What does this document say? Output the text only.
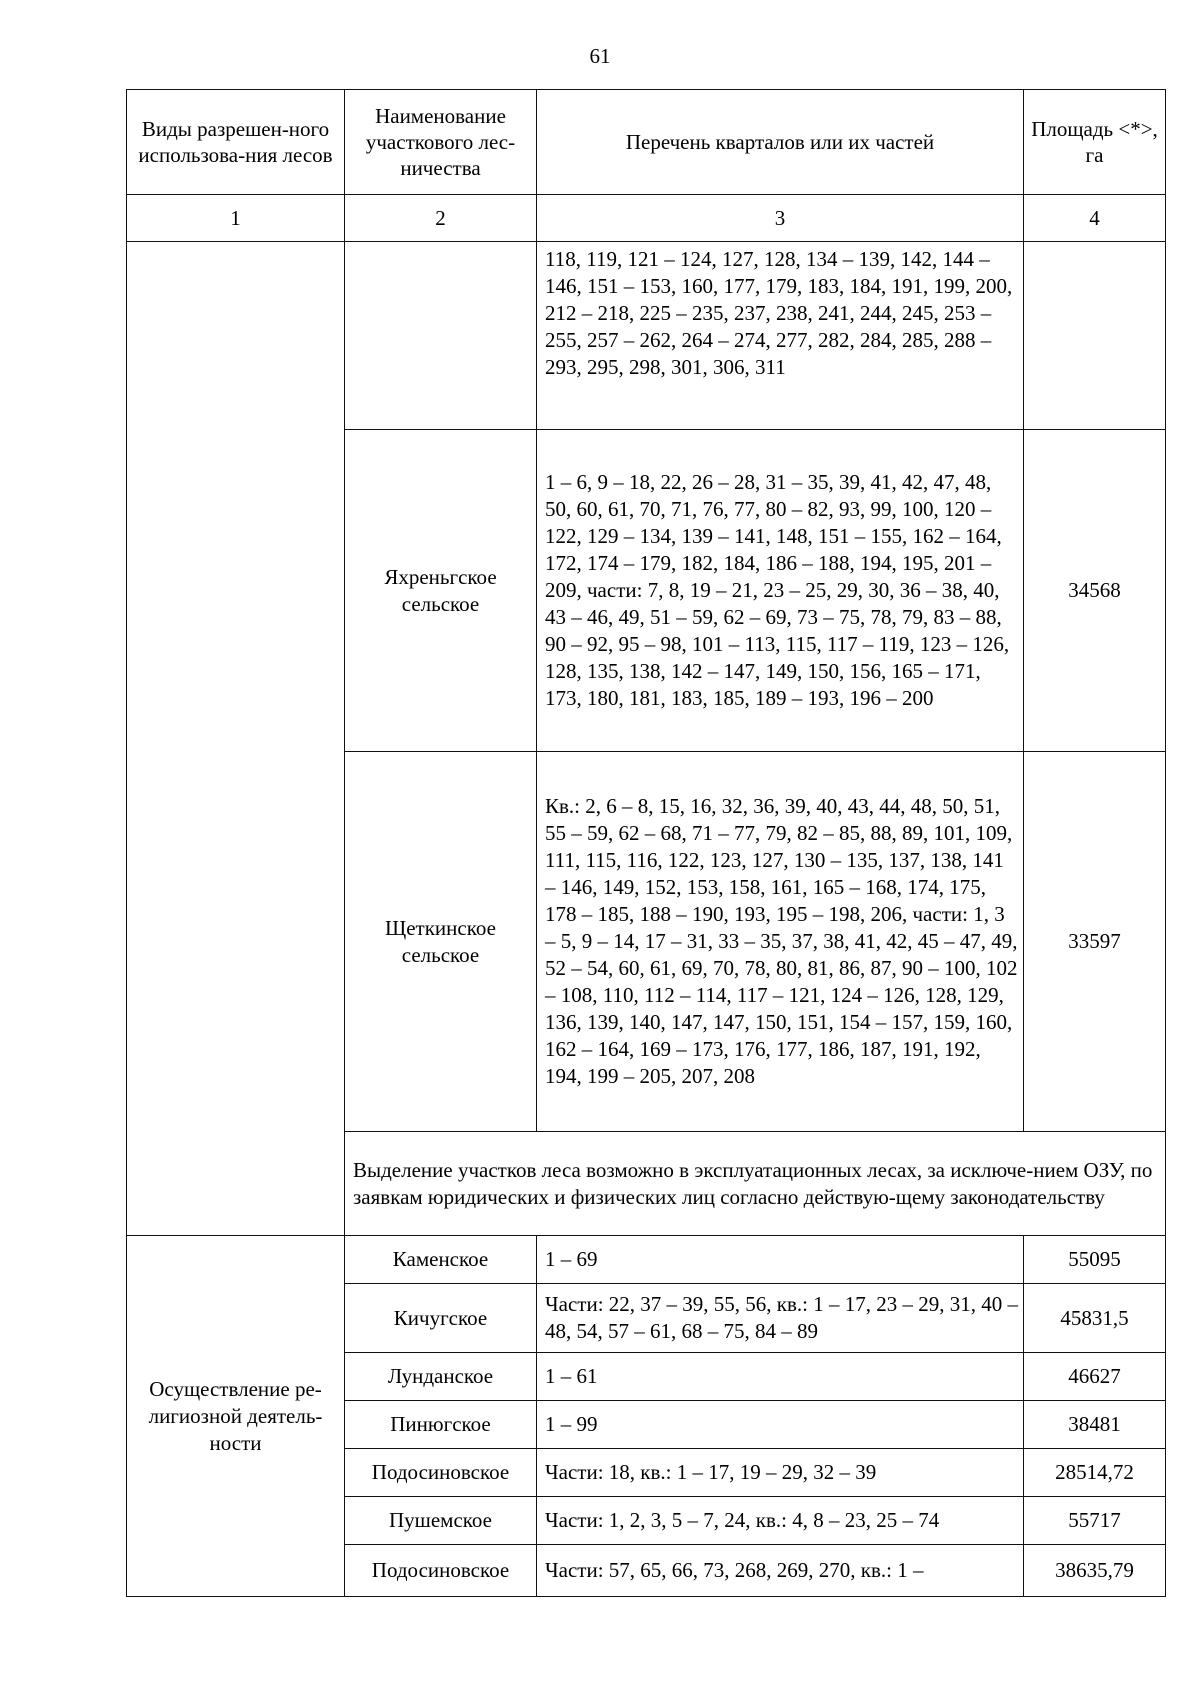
61
Виды разрешен-ного использова-ния лесов	Наименование участкового лес-ничества	Перечень кварталов или их частей	Площадь <*>, га
1	2	3	4
		118, 119, 121 – 124, 127, 128, 134 – 139, 142, 144 – 146, 151 – 153, 160, 177, 179, 183, 184, 191, 199, 200, 212 – 218, 225 – 235, 237, 238, 241, 244, 245, 253 – 255, 257 – 262, 264 – 274, 277, 282, 284, 285, 288 – 293, 295, 298, 301, 306, 311	
	Яхреньгское сельское	1 – 6, 9 – 18, 22, 26 – 28, 31 – 35, 39, 41, 42, 47, 48, 50, 60, 61, 70, 71, 76, 77, 80 – 82, 93, 99, 100, 120 – 122, 129 – 134, 139 – 141, 148, 151 – 155, 162 – 164, 172, 174 – 179, 182, 184, 186 – 188, 194, 195, 201 – 209, части: 7, 8, 19 – 21, 23 – 25, 29, 30, 36 – 38, 40, 43 – 46, 49, 51 – 59, 62 – 69, 73 – 75, 78, 79, 83 – 88, 90 – 92, 95 – 98, 101 – 113, 115, 117 – 119, 123 – 126, 128, 135, 138, 142 – 147, 149, 150, 156, 165 – 171, 173, 180, 181, 183, 185, 189 – 193, 196 – 200	34568
	Щеткинское сельское	Кв.: 2, 6 – 8, 15, 16, 32, 36, 39, 40, 43, 44, 48, 50, 51, 55 – 59, 62 – 68, 71 – 77, 79, 82 – 85, 88, 89, 101, 109, 111, 115, 116, 122, 123, 127, 130 – 135, 137, 138, 141 – 146, 149, 152, 153, 158, 161, 165 – 168, 174, 175, 178 – 185, 188 – 190, 193, 195 – 198, 206, части: 1, 3 – 5, 9 – 14, 17 – 31, 33 – 35, 37, 38, 41, 42, 45 – 47, 49, 52 – 54, 60, 61, 69, 70, 78, 80, 81, 86, 87, 90 – 100, 102 – 108, 110, 112 – 114, 117 – 121, 124 – 126, 128, 129, 136, 139, 140, 147, 147, 150, 151, 154 – 157, 159, 160, 162 – 164, 169 – 173, 176, 177, 186, 187, 191, 192, 194, 199 – 205, 207, 208	33597
	Выделение участков леса возможно в эксплуатационных лесах, за исключе-нием ОЗУ, по заявкам юридических и физических лиц согласно действую-щему законодательству		
Осуществление ре-лигиозной деятель-ности	Каменское	1 – 69	55095
	Кичугское	Части: 22, 37 – 39, 55, 56, кв.: 1 – 17, 23 – 29, 31, 40 – 48, 54, 57 – 61, 68 – 75, 84 – 89	45831,5
	Лунданское	1 – 61	46627
	Пинюгское	1 – 99	38481
	Подосиновское	Части: 18, кв.: 1 – 17, 19 – 29, 32 – 39	28514,72
	Пушемское	Части: 1, 2, 3, 5 – 7, 24, кв.: 4, 8 – 23, 25 – 74	55717
	Подосиновское	Части: 57, 65, 66, 73, 268, 269, 270, кв.: 1 –	38635,79
